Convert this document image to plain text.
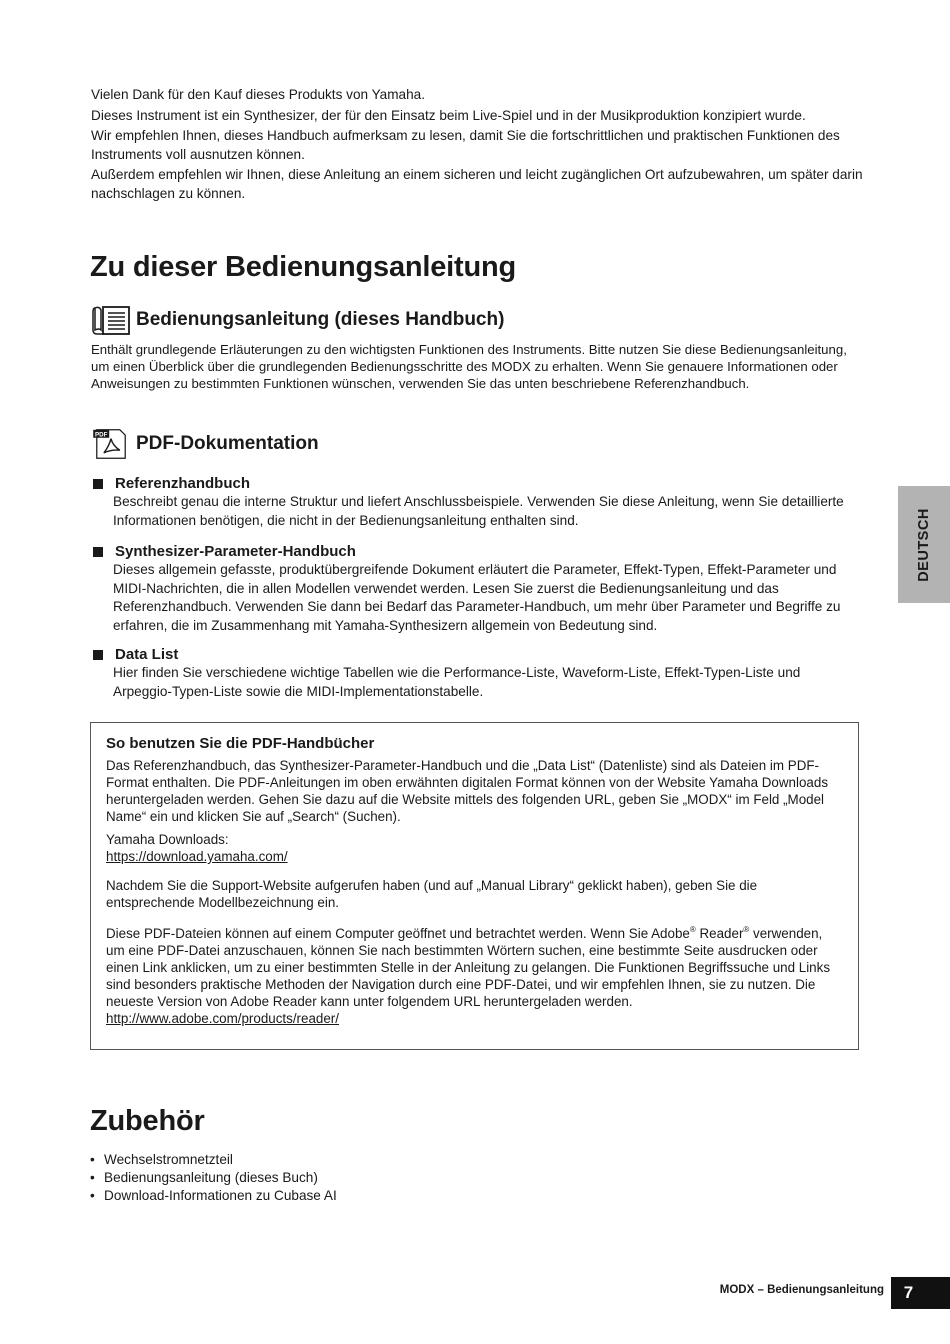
Vielen Dank für den Kauf dieses Produkts von Yamaha.

Dieses Instrument ist ein Synthesizer, der für den Einsatz beim Live-Spiel und in der Musikproduktion konzipiert wurde.

Wir empfehlen Ihnen, dieses Handbuch aufmerksam zu lesen, damit Sie die fortschrittlichen und praktischen Funktionen des Instruments voll ausnutzen können.

Außerdem empfehlen wir Ihnen, diese Anleitung an einem sicheren und leicht zugänglichen Ort aufzubewahren, um später darin nachschlagen zu können.

Zu dieser Bedienungsanleitung
Bedienungsanleitung (dieses Handbuch)

Enthält grundlegende Erläuterungen zu den wichtigsten Funktionen des Instruments. Bitte nutzen Sie diese Bedienungsanleitung, um einen Überblick über die grundlegenden Bedienungsschritte des MODX zu erhalten. Wenn Sie genauere Informationen oder Anweisungen zu bestimmten Funktionen wünschen, verwenden Sie das unten beschriebene Referenzhandbuch.

PDF PDF-Dokumentation
Referenzhandbuch

Beschreibt genau die interne Struktur und liefert Anschlussbeispiele. Verwenden Sie diese Anleitung, wenn Sie detaillierte Informationen benötigen, die nicht in der Bedienungsanleitung enthalten sind.

Synthesizer-Parameter-Handbuch

Dieses allgemein gefasste, produktübergreifende Dokument erläutert die Parameter, Effekt-Typen, Effekt-Parameter und MIDI-Nachrichten, die in allen Modellen verwendet werden. Lesen Sie zuerst die Bedienungsanleitung und das Referenzhandbuch. Verwenden Sie dann bei Bedarf das Parameter-Handbuch, um mehr über Parameter und Begriffe zu erfahren, die im Zusammenhang mit Yamaha-Synthesizern allgemein von Bedeutung sind.

Data List

Hier finden Sie verschiedene wichtige Tabellen wie die Performance-Liste, Waveform-Liste, Effekt-Typen-Liste und Arpeggio-Typen-Liste sowie die MIDI-Implementationstabelle.

So benutzen Sie die PDF-Handbücher

Das Referenzhandbuch, das Synthesizer-Parameter-Handbuch und die „Data List“ (Datenliste) sind als Dateien im PDF-Format enthalten. Die PDF-Anleitungen im oben erwähnten digitalen Format können von der Website Yamaha Downloads heruntergeladen werden. Gehen Sie dazu auf die Website mittels des folgenden URL, geben Sie „MODX“ im Feld „Model Name“ ein und klicken Sie auf „Search“ (Suchen).

Yamaha Downloads:

https://download.yamaha.com/

Nachdem Sie die Support-Website aufgerufen haben (und auf „Manual Library“ geklickt haben), geben Sie die entsprechende Modellbezeichnung ein.

Diese PDF-Dateien können auf einem Computer geöffnet und betrachtet werden. Wenn Sie Adobe® Reader® verwenden, um eine PDF-Datei anzuschauen, können Sie nach bestimmten Wörtern suchen, eine bestimmte Seite ausdrucken oder einen Link anklicken, um zu einer bestimmten Stelle in der Anleitung zu gelangen. Die Funktionen Begriffssuche und Links sind besonders praktische Methoden der Navigation durch eine PDF-Datei, und wir empfehlen Ihnen, sie zu nutzen. Die neueste Version von Adobe Reader kann unter folgendem URL heruntergeladen werden.

http://www.adobe.com/products/reader/

Zubehör
• Wechselstromnetzteil
• Bedienungsanleitung (dieses Buch)
• Download-Informationen zu Cubase AI
DEUTSCH
MODX – Bedienungsanleitung 7
